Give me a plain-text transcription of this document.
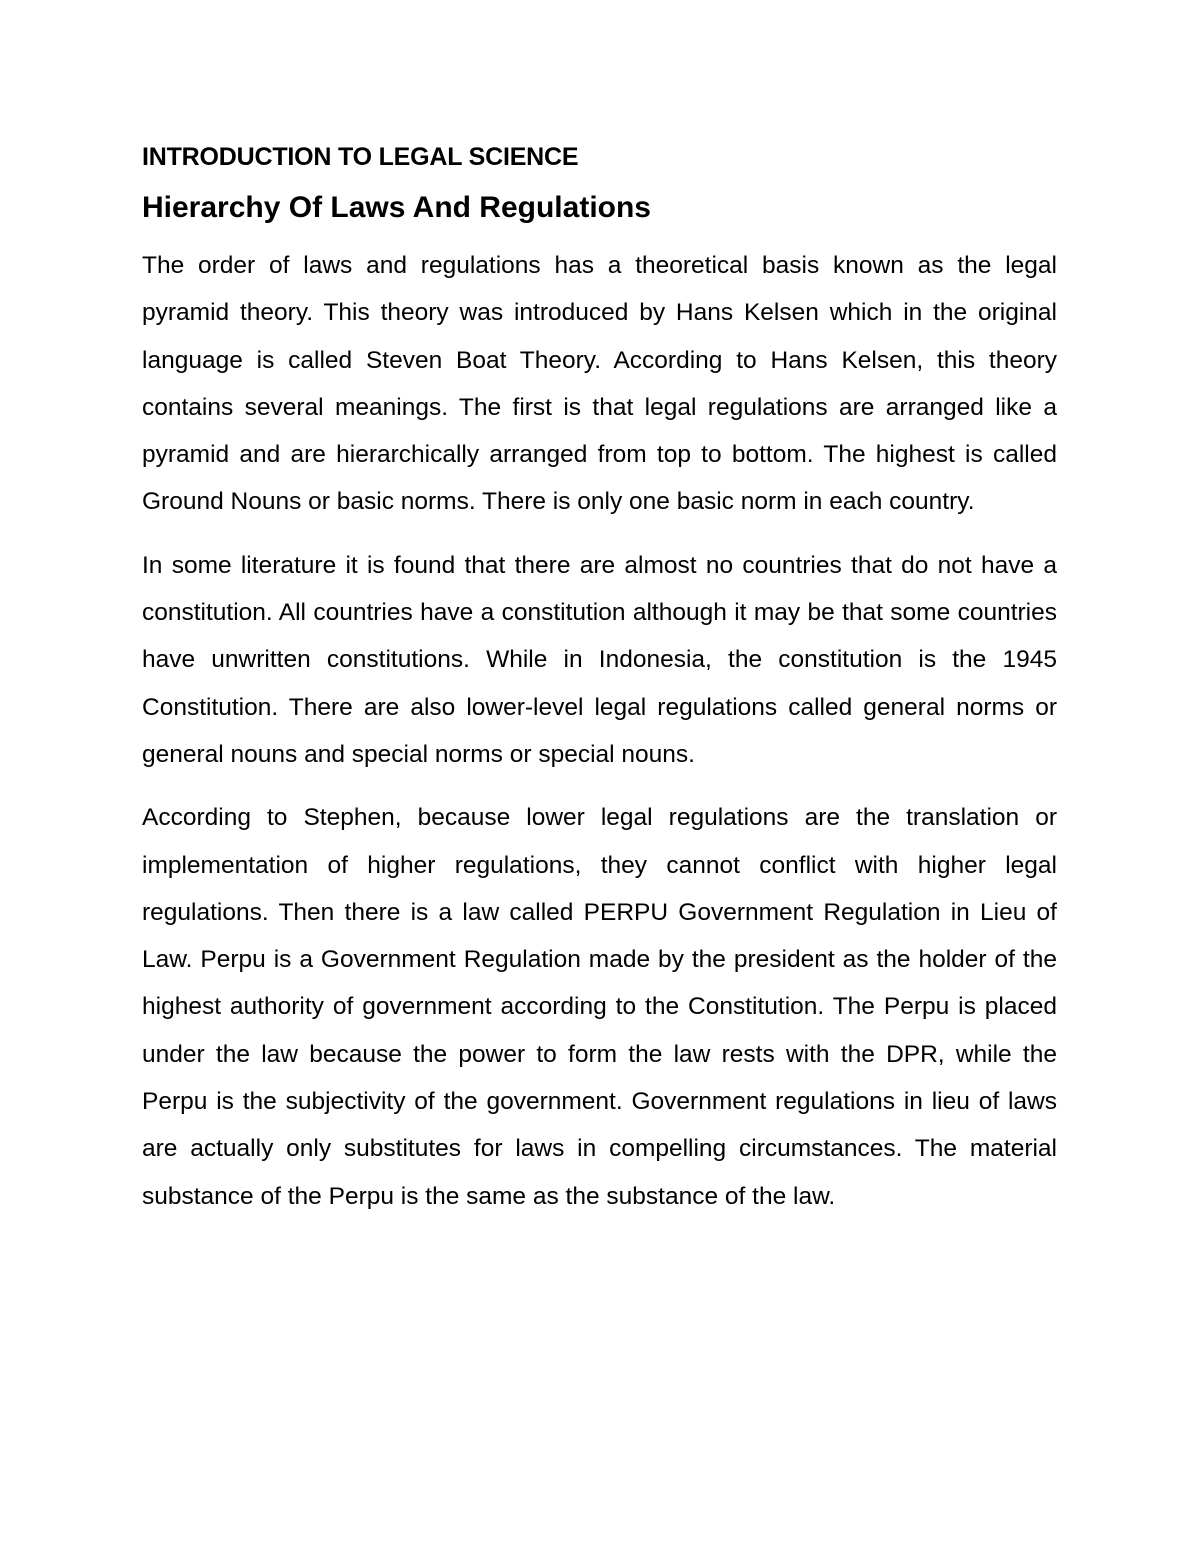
INTRODUCTION TO LEGAL SCIENCE
Hierarchy Of Laws And Regulations

The order of laws and regulations has a theoretical basis known as the legal pyramid theory. This theory was introduced by Hans Kelsen which in the original language is called Steven Boat Theory. According to Hans Kelsen, this theory contains several meanings. The first is that legal regulations are arranged like a pyramid and are hierarchically arranged from top to bottom. The highest is called Ground Nouns or basic norms. There is only one basic norm in each country.

In some literature it is found that there are almost no countries that do not have a constitution. All countries have a constitution although it may be that some countries have unwritten constitutions. While in Indonesia, the constitution is the 1945 Constitution. There are also lower-level legal regulations called general norms or general nouns and special norms or special nouns.

According to Stephen, because lower legal regulations are the translation or implementation of higher regulations, they cannot conflict with higher legal regulations. Then there is a law called PERPU Government Regulation in Lieu of Law. Perpu is a Government Regulation made by the president as the holder of the highest authority of government according to the Constitution. The Perpu is placed under the law because the power to form the law rests with the DPR, while the Perpu is the subjectivity of the government. Government regulations in lieu of laws are actually only substitutes for laws in compelling circumstances. The material substance of the Perpu is the same as the substance of the law.
